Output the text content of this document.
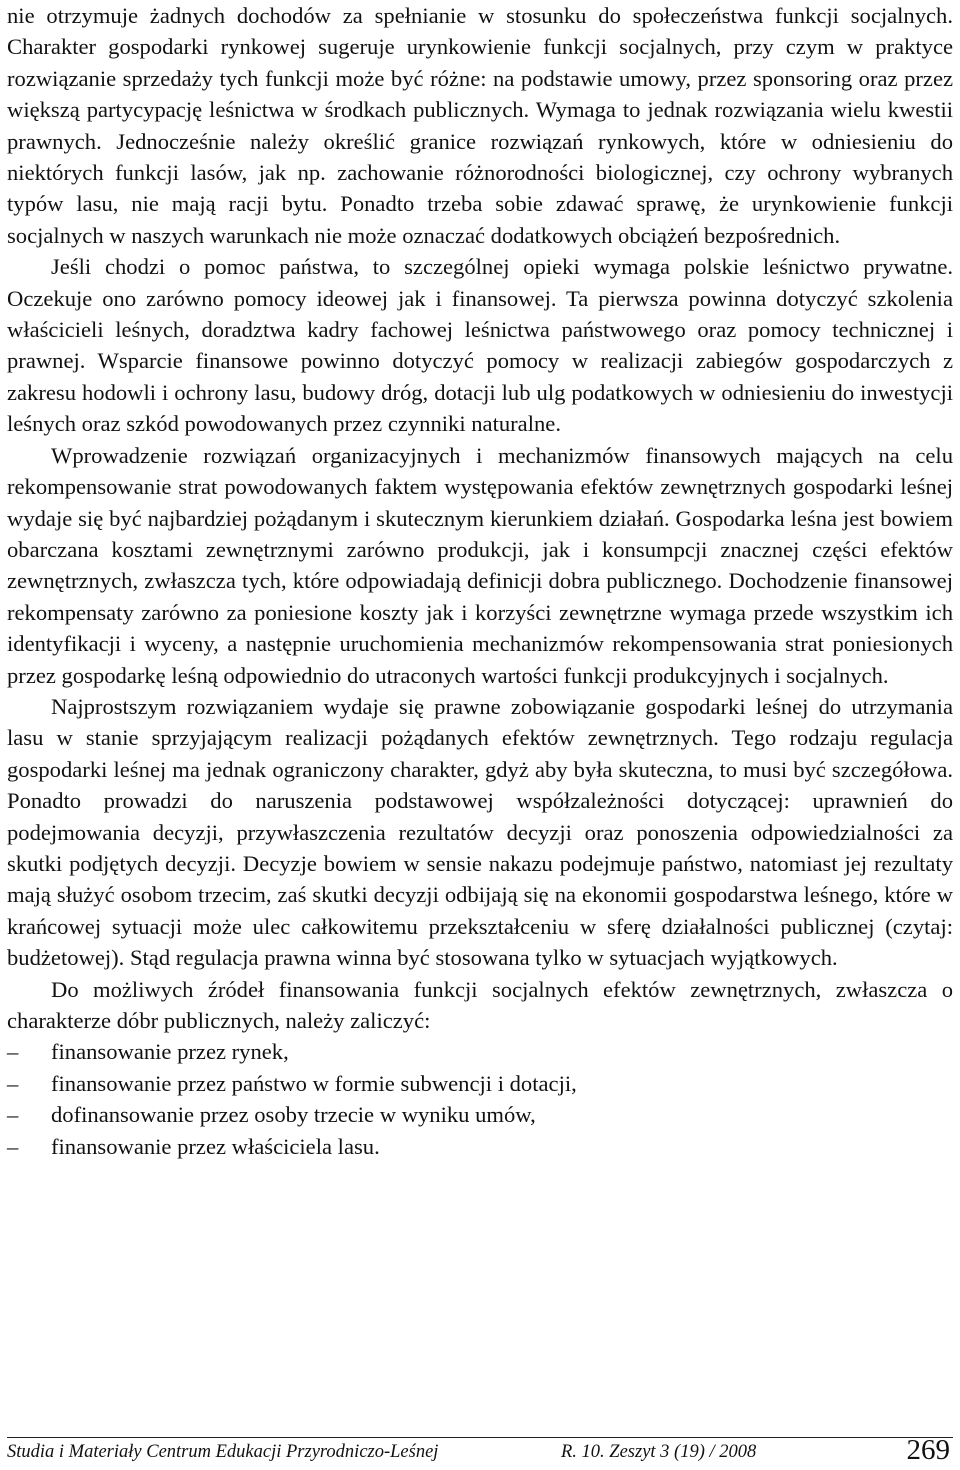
nie otrzymuje żadnych dochodów za spełnianie w stosunku do społeczeństwa funkcji socjalnych. Charakter gospodarki rynkowej sugeruje urynkowienie funkcji socjalnych, przy czym w praktyce rozwiązanie sprzedaży tych funkcji może być różne: na podstawie umowy, przez sponsoring oraz przez większą partycypację leśnictwa w środkach publicznych. Wymaga to jednak rozwiązania wielu kwestii prawnych. Jednocześnie należy określić granice rozwiązań rynkowych, które w odniesieniu do niektórych funkcji lasów, jak np. zachowanie różnorodności biologicznej, czy ochrony wybranych typów lasu, nie mają racji bytu. Ponadto trzeba sobie zdawać sprawę, że urynkowienie funkcji socjalnych w naszych warunkach nie może oznaczać dodatkowych obciążeń bezpośrednich.

Jeśli chodzi o pomoc państwa, to szczególnej opieki wymaga polskie leśnictwo prywatne. Oczekuje ono zarówno pomocy ideowej jak i finansowej. Ta pierwsza powinna dotyczyć szkolenia właścicieli leśnych, doradztwa kadry fachowej leśnictwa państwowego oraz pomocy technicznej i prawnej. Wsparcie finansowe powinno dotyczyć pomocy w realizacji zabiegów gospodarczych z zakresu hodowli i ochrony lasu, budowy dróg, dotacji lub ulg podatkowych w odniesieniu do inwestycji leśnych oraz szkód powodowanych przez czynniki naturalne.

Wprowadzenie rozwiązań organizacyjnych i mechanizmów finansowych mających na celu rekompensowanie strat powodowanych faktem występowania efektów zewnętrznych gospodarki leśnej wydaje się być najbardziej pożądanym i skutecznym kierunkiem działań. Gospodarka leśna jest bowiem obarczana kosztami zewnętrznymi zarówno produkcji, jak i konsumpcji znacznej części efektów zewnętrznych, zwłaszcza tych, które odpowiadają definicji dobra publicznego. Dochodzenie finansowej rekompensaty zarówno za poniesione koszty jak i korzyści zewnętrzne wymaga przede wszystkim ich identyfikacji i wyceny, a następnie uruchomienia mechanizmów rekompensowania strat poniesionych przez gospodarkę leśną odpowiednio do utraconych wartości funkcji produkcyjnych i socjalnych.

Najprostszym rozwiązaniem wydaje się prawne zobowiązanie gospodarki leśnej do utrzymania lasu w stanie sprzyjającym realizacji pożądanych efektów zewnętrznych. Tego rodzaju regulacja gospodarki leśnej ma jednak ograniczony charakter, gdyż aby była skuteczna, to musi być szczegółowa. Ponadto prowadzi do naruszenia podstawowej współzależności dotyczącej: uprawnień do podejmowania decyzji, przywłaszczenia rezultatów decyzji oraz ponoszenia odpowiedzialności za skutki podjętych decyzji. Decyzje bowiem w sensie nakazu podejmuje państwo, natomiast jej rezultaty mają służyć osobom trzecim, zaś skutki decyzji odbijają się na ekonomii gospodarstwa leśnego, które w krańcowej sytuacji może ulec całkowitemu przekształceniu w sferę działalności publicznej (czytaj: budżetowej). Stąd regulacja prawna winna być stosowana tylko w sytuacjach wyjątkowych.

Do możliwych źródeł finansowania funkcji socjalnych efektów zewnętrznych, zwłaszcza o charakterze dóbr publicznych, należy zaliczyć:

–	finansowanie przez rynek,
–	finansowanie przez państwo w formie subwencji i dotacji,
–	dofinansowanie przez osoby trzecie w wyniku umów,
–	finansowanie przez właściciela lasu.
Studia i Materiały Centrum Edukacji Przyrodniczo-Leśnej	R. 10. Zeszyt 3 (19) / 2008	269
